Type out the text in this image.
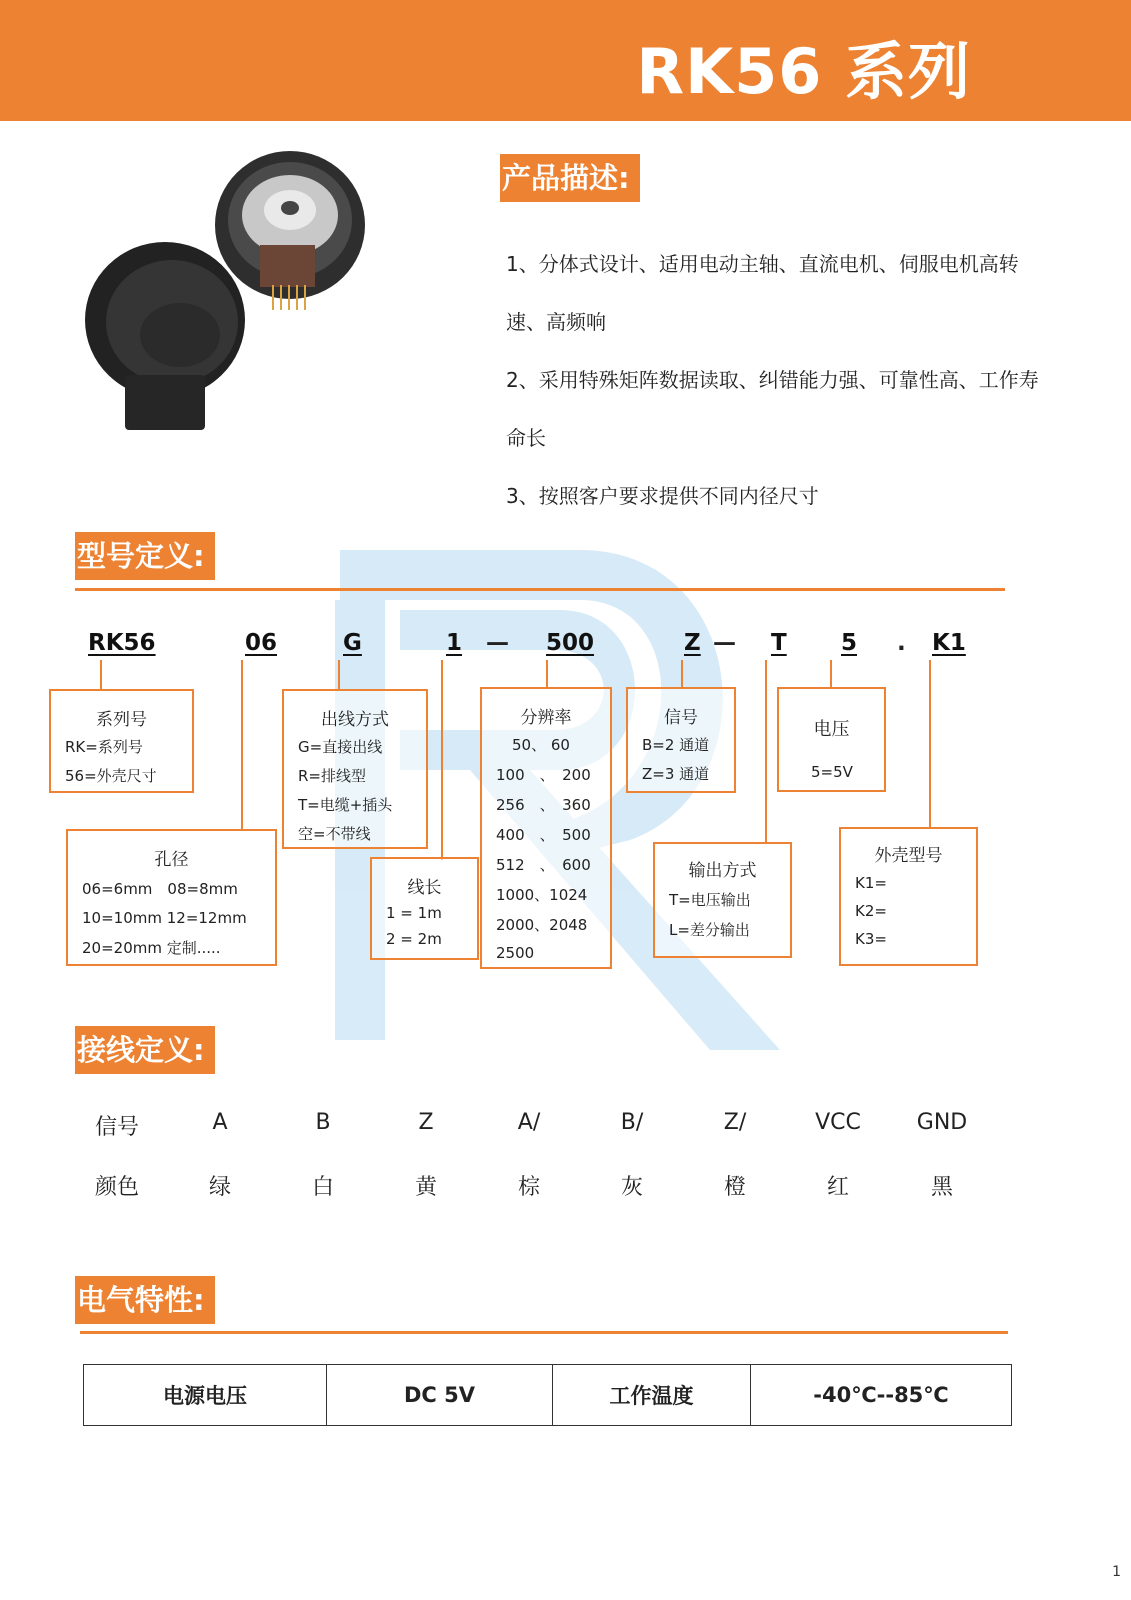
RK56 系列
产品描述:
1、分体式设计、适用电动主轴、直流电机、伺服电机高转
速、高频响
2、采用特殊矩阵数据读取、纠错能力强、可靠性高、工作寿
命长
3、按照客户要求提供不同内径尺寸
型号定义:
RK56	06	G	1 — 500	Z — T 5 . K1
系列号
RK=系列号
56=外壳尺寸
孔径
06=6mm　08=8mm
10=10mm 12=12mm
20=20mm 定制.....
出线方式
G=直接出线
R=排线型
T=电缆+插头
空=不带线
线长
1 = 1m
2 = 2m
分辨率
50、 60
100　、　200
256　、　360
400　、　500
512　、　600
1000、1024
2000、2048
2500
信号
B=2 通道
Z=3 通道
输出方式
T=电压输出
L=差分输出
电压
5=5V
外壳型号
K1=
K2=
K3=
接线定义:
信号	A	B	Z	A/	B/	Z/	VCC	GND
颜色	绿	白	黄	棕	灰	橙	红	黑
电气特性:
电源电压	DC 5V	工作温度	-40℃--85℃
1
